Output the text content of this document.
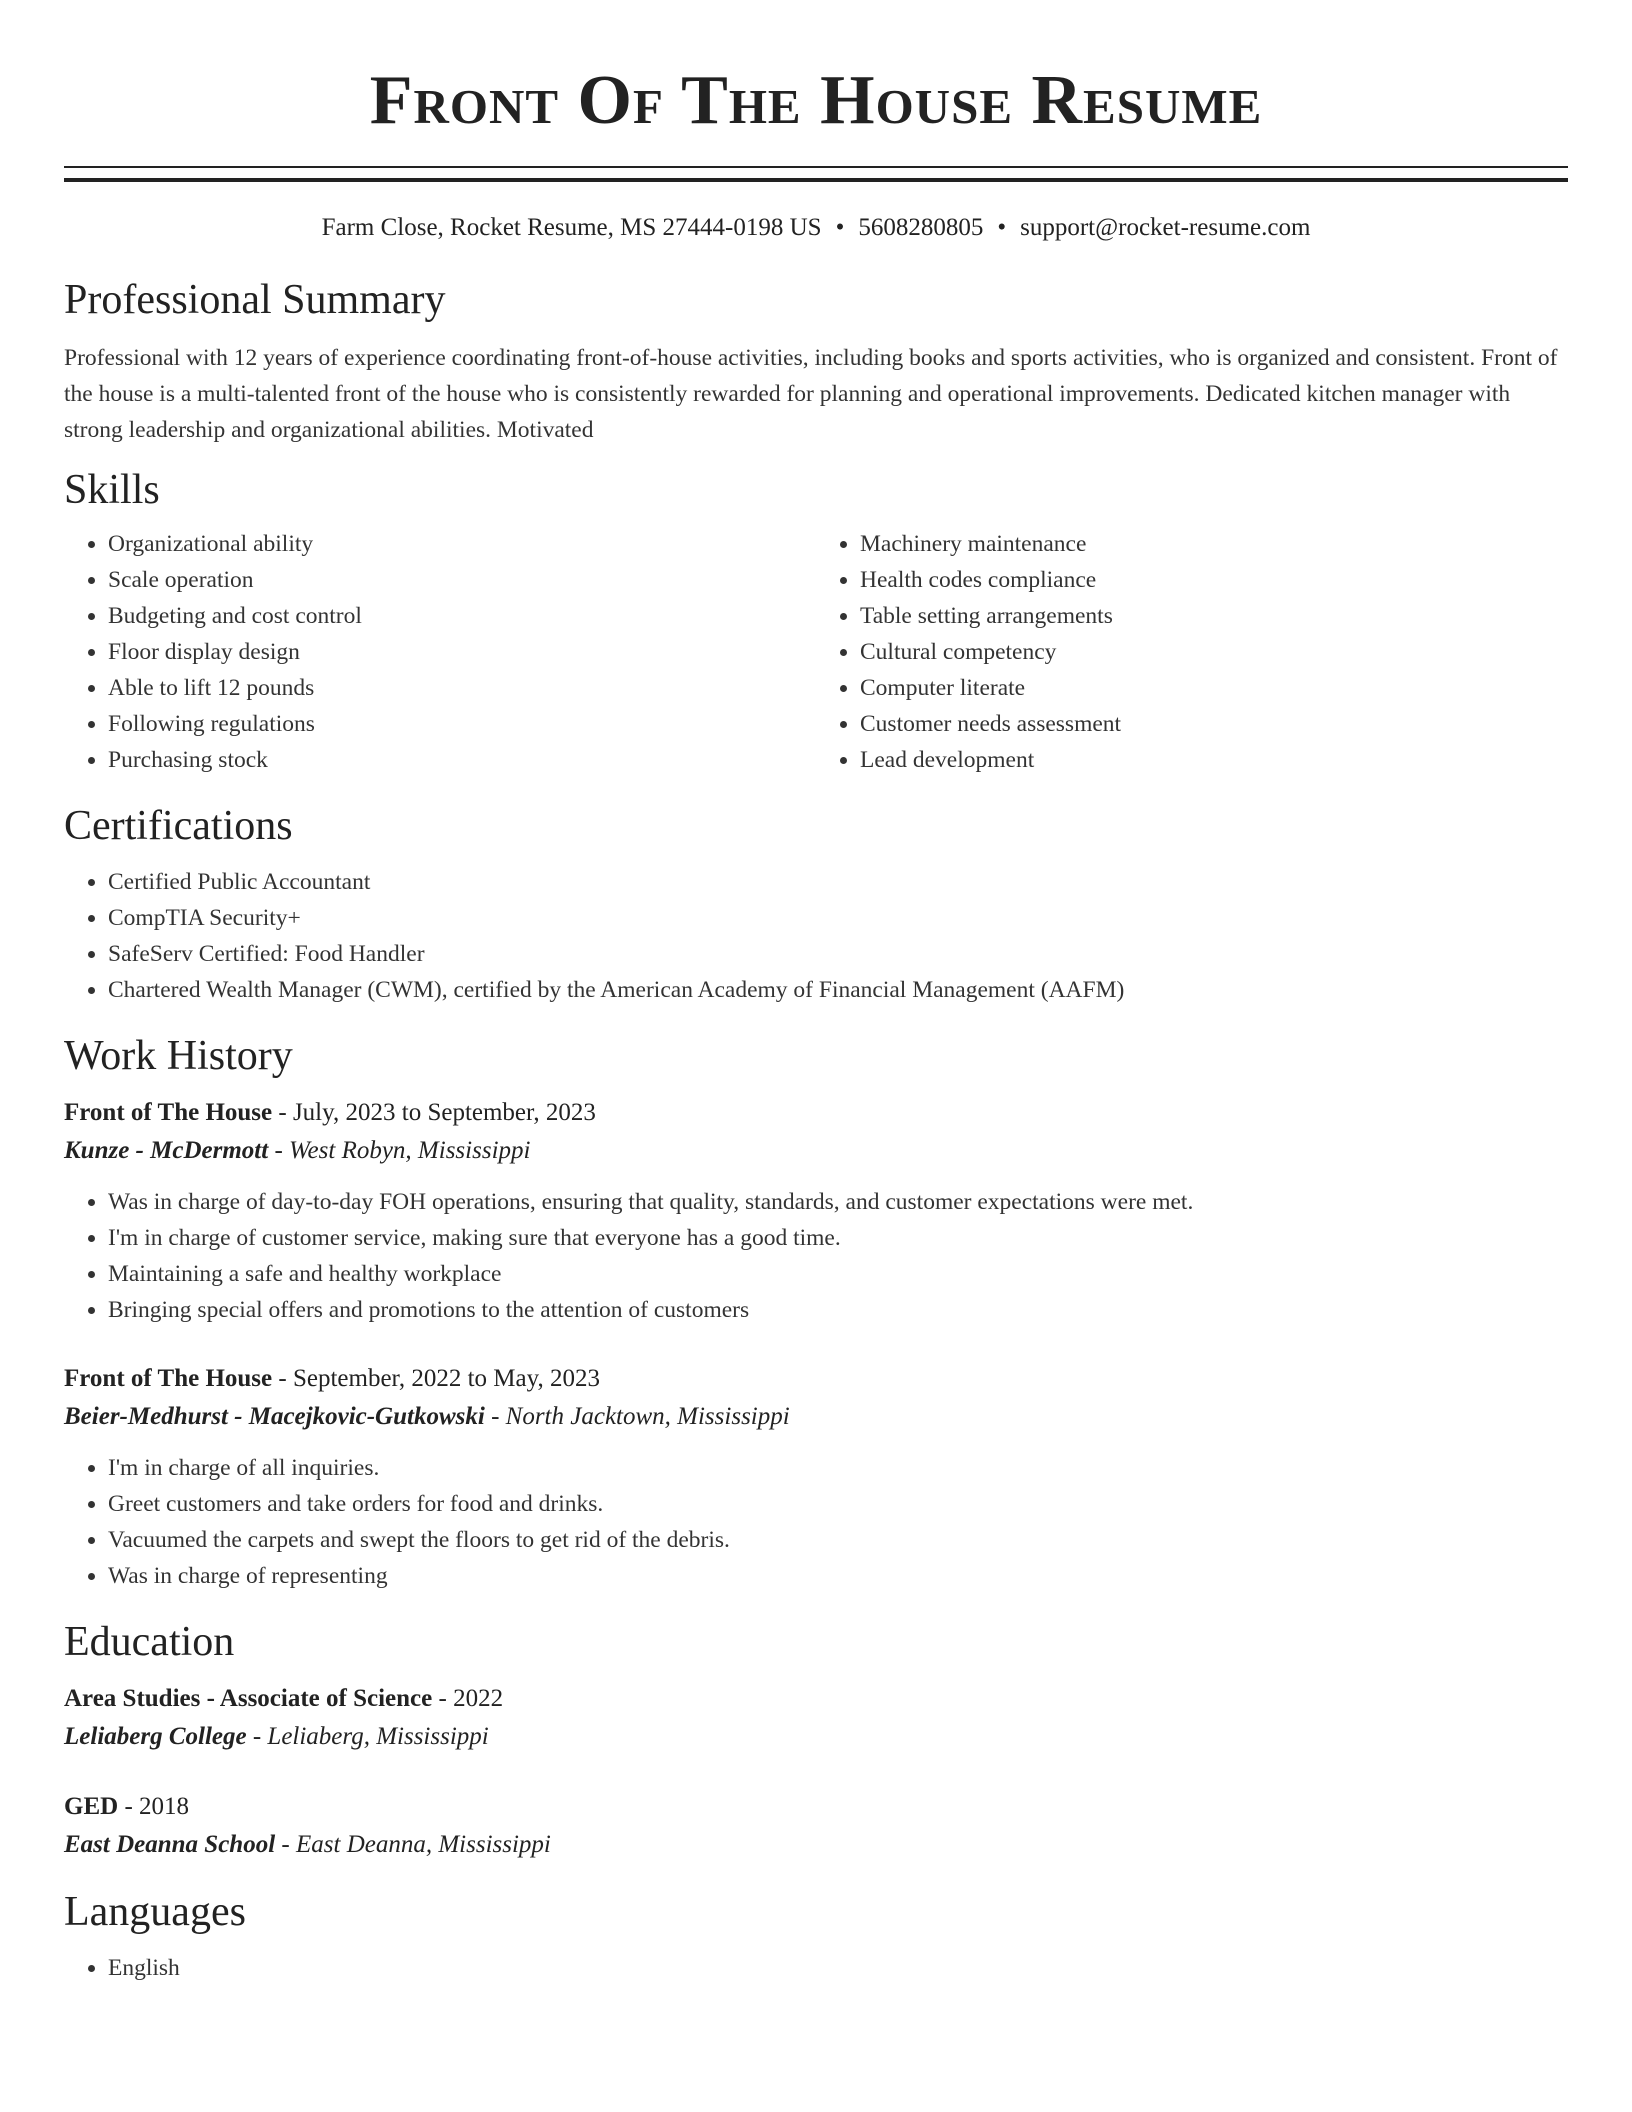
Front Of The House Resume
Farm Close, Rocket Resume, MS 27444-0198 US • 5608280805 • support@rocket-resume.com
Professional Summary

Professional with 12 years of experience coordinating front-of-house activities, including books and sports activities, who is organized and consistent. Front of the house is a multi-talented front of the house who is consistently rewarded for planning and operational improvements. Dedicated kitchen manager with strong leadership and organizational abilities. Motivated

Skills
• Organizational ability
• Scale operation
• Budgeting and cost control
• Floor display design
• Able to lift 12 pounds
• Following regulations
• Purchasing stock
• Machinery maintenance
• Health codes compliance
• Table setting arrangements
• Cultural competency
• Computer literate
• Customer needs assessment
• Lead development
Certifications
• Certified Public Accountant
• CompTIA Security+
• SafeServ Certified: Food Handler
• Chartered Wealth Manager (CWM), certified by the American Academy of Financial Management (AAFM)
Work History
Front of The House - July, 2023 to September, 2023
Kunze - McDermott - West Robyn, Mississippi
• Was in charge of day-to-day FOH operations, ensuring that quality, standards, and customer expectations were met.
• I'm in charge of customer service, making sure that everyone has a good time.
• Maintaining a safe and healthy workplace
• Bringing special offers and promotions to the attention of customers
Front of The House - September, 2022 to May, 2023
Beier-Medhurst - Macejkovic-Gutkowski - North Jacktown, Mississippi
• I'm in charge of all inquiries.
• Greet customers and take orders for food and drinks.
• Vacuumed the carpets and swept the floors to get rid of the debris.
• Was in charge of representing
Education
Area Studies - Associate of Science - 2022
Leliaberg College - Leliaberg, Mississippi
GED - 2018
East Deanna School - East Deanna, Mississippi
Languages
• English
